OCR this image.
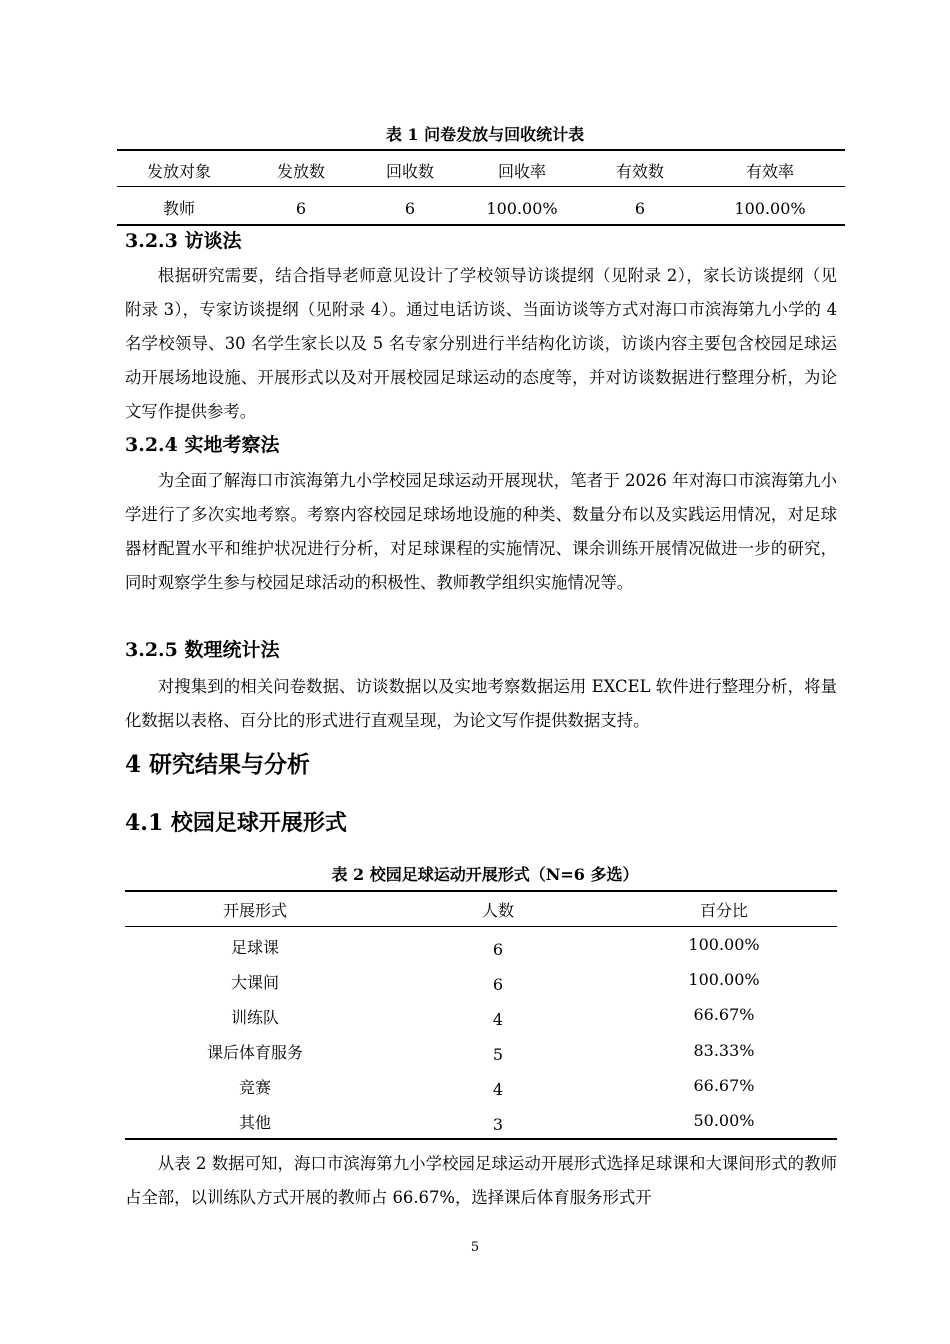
表 1 问卷发放与回收统计表
发放对象	发放数	回收数	回收率	有效数	有效率
教师	6	6	100.00%	6	100.00%
3.2.3 访谈法

根据研究需要，结合指导老师意见设计了学校领导访谈提纲（见附录 2），家长访谈提纲（见附录 3），专家访谈提纲（见附录 4）。通过电话访谈、当面访谈等方式对海口市滨海第九小学的 4 名学校领导、30 名学生家长以及 5 名专家分别进行半结构化访谈，访谈内容主要包含校园足球运动开展场地设施、开展形式以及对开展校园足球运动的态度等，并对访谈数据进行整理分析，为论文写作提供参考。

3.2.4 实地考察法

为全面了解海口市滨海第九小学校园足球运动开展现状，笔者于 2026 年对海口市滨海第九小学进行了多次实地考察。考察内容校园足球场地设施的种类、数量分布以及实践运用情况，对足球器材配置水平和维护状况进行分析，对足球课程的实施情况、课余训练开展情况做进一步的研究，同时观察学生参与校园足球活动的积极性、教师教学组织实施情况等。

3.2.5 数理统计法

对搜集到的相关问卷数据、访谈数据以及实地考察数据运用 EXCEL 软件进行整理分析，将量化数据以表格、百分比的形式进行直观呈现，为论文写作提供数据支持。

4 研究结果与分析
4.1 校园足球开展形式
表 2 校园足球运动开展形式（N=6 多选）
开展形式	人数	百分比
足球课	6	100.00%
大课间	6	100.00%
训练队	4	66.67%
课后体育服务	5	83.33%
竞赛	4	66.67%
其他	3	50.00%

从表 2 数据可知，海口市滨海第九小学校园足球运动开展形式选择足球课和大课间形式的教师占全部，以训练队方式开展的教师占 66.67%，选择课后体育服务形式开

5
